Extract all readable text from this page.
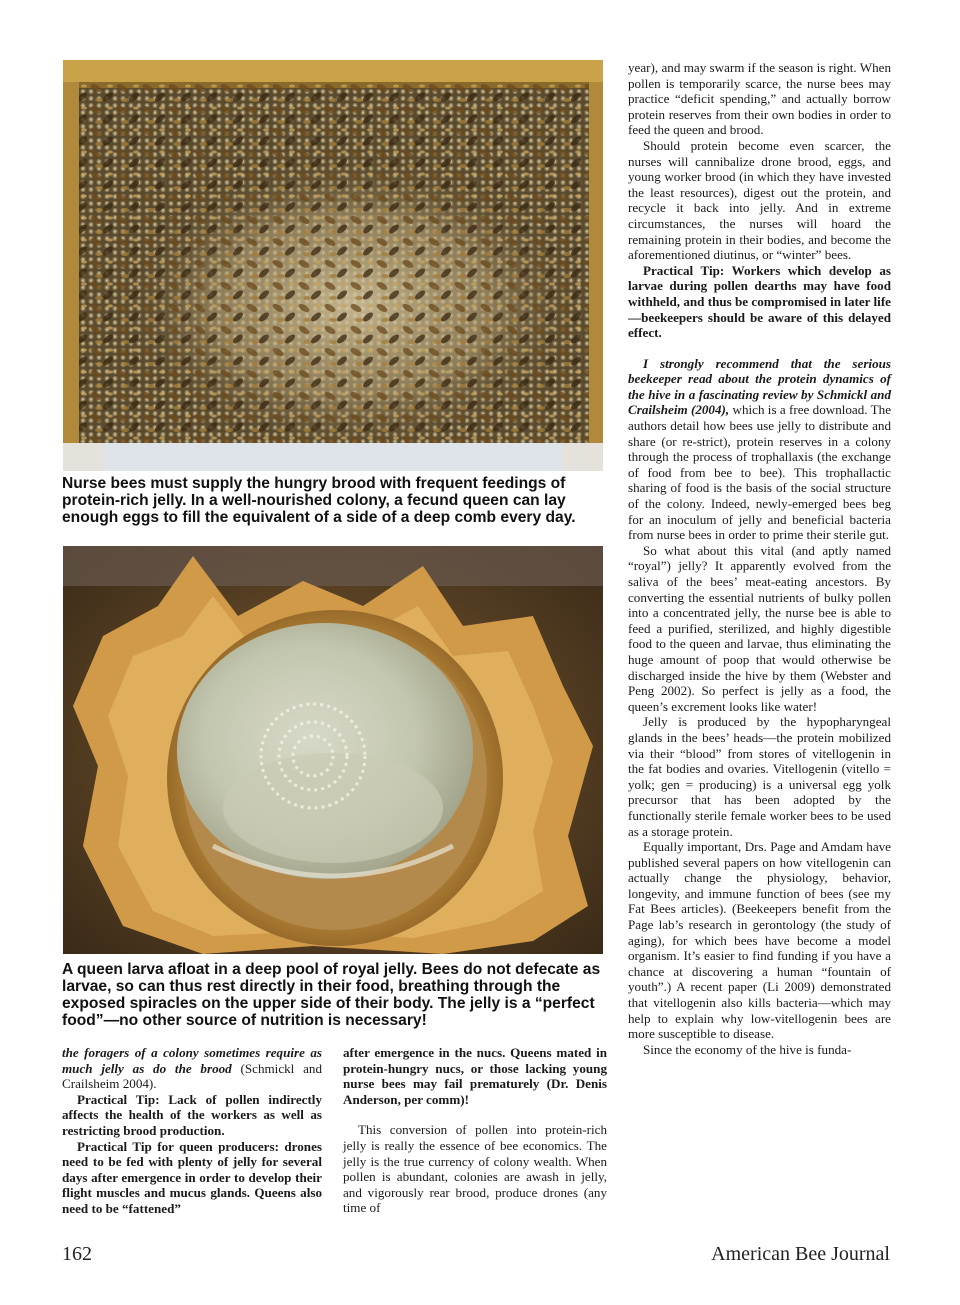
Nurse bees must supply the hungry brood with frequent feedings of protein-rich jelly. In a well-nourished colony, a fecund queen can lay enough eggs to fill the equivalent of a side of a deep comb every day.

A queen larva afloat in a deep pool of royal jelly. Bees do not defecate as larvae, so can thus rest directly in their food, breathing through the exposed spiracles on the upper side of their body. The jelly is a “perfect food”—no other source of nutrition is necessary!

the foragers of a colony sometimes require as much jelly as do the brood (Schmickl and Crailsheim 2004).

Practical Tip: Lack of pollen indirectly affects the health of the workers as well as restricting brood production.

Practical Tip for queen producers: drones need to be fed with plenty of jelly for several days after emergence in order to develop their flight muscles and mucus glands. Queens also need to be “fattened”

after emergence in the nucs. Queens mated in protein-hungry nucs, or those lacking young nurse bees may fail prematurely (Dr. Denis Anderson, per comm)!

This conversion of pollen into protein-rich jelly is really the essence of bee economics. The jelly is the true currency of colony wealth. When pollen is abundant, colonies are awash in jelly, and vigorously rear brood, produce drones (any time of

year), and may swarm if the season is right. When pollen is temporarily scarce, the nurse bees may practice “deficit spending,” and actually borrow protein reserves from their own bodies in order to feed the queen and brood.

Should protein become even scarcer, the nurses will cannibalize drone brood, eggs, and young worker brood (in which they have invested the least resources), digest out the protein, and recycle it back into jelly. And in extreme circumstances, the nurses will hoard the remaining protein in their bodies, and become the aforementioned diutinus, or “winter” bees.

Practical Tip: Workers which develop as larvae during pollen dearths may have food withheld, and thus be compromised in later life—beekeepers should be aware of this delayed effect.

I strongly recommend that the serious beekeeper read about the protein dynamics of the hive in a fascinating review by Schmickl and Crailsheim (2004), which is a free download. The authors detail how bees use jelly to distribute and share (or re-strict), protein reserves in a colony through the process of trophallaxis (the exchange of food from bee to bee). This trophallactic sharing of food is the basis of the social structure of the colony. Indeed, newly-emerged bees beg for an inoculum of jelly and beneficial bacteria from nurse bees in order to prime their sterile gut.

So what about this vital (and aptly named “royal”) jelly? It apparently evolved from the saliva of the bees’ meat-eating ancestors. By converting the essential nutrients of bulky pollen into a concentrated jelly, the nurse bee is able to feed a purified, sterilized, and highly digestible food to the queen and larvae, thus eliminating the huge amount of poop that would otherwise be discharged inside the hive by them (Webster and Peng 2002). So perfect is jelly as a food, the queen’s excrement looks like water!

Jelly is produced by the hypopharyngeal glands in the bees’ heads—the protein mobilized via their “blood” from stores of vitellogenin in the fat bodies and ovaries. Vitellogenin (vitello = yolk; gen = producing) is a universal egg yolk precursor that has been adopted by the functionally sterile female worker bees to be used as a storage protein.

Equally important, Drs. Page and Amdam have published several papers on how vitellogenin can actually change the physiology, behavior, longevity, and immune function of bees (see my Fat Bees articles). (Beekeepers benefit from the Page lab’s research in gerontology (the study of aging), for which bees have become a model organism. It’s easier to find funding if you have a chance at discovering a human “fountain of youth”.) A recent paper (Li 2009) demonstrated that vitellogenin also kills bacteria—which may help to explain why low-vitellogenin bees are more susceptible to disease.

Since the economy of the hive is funda-

162	American Bee Journal
